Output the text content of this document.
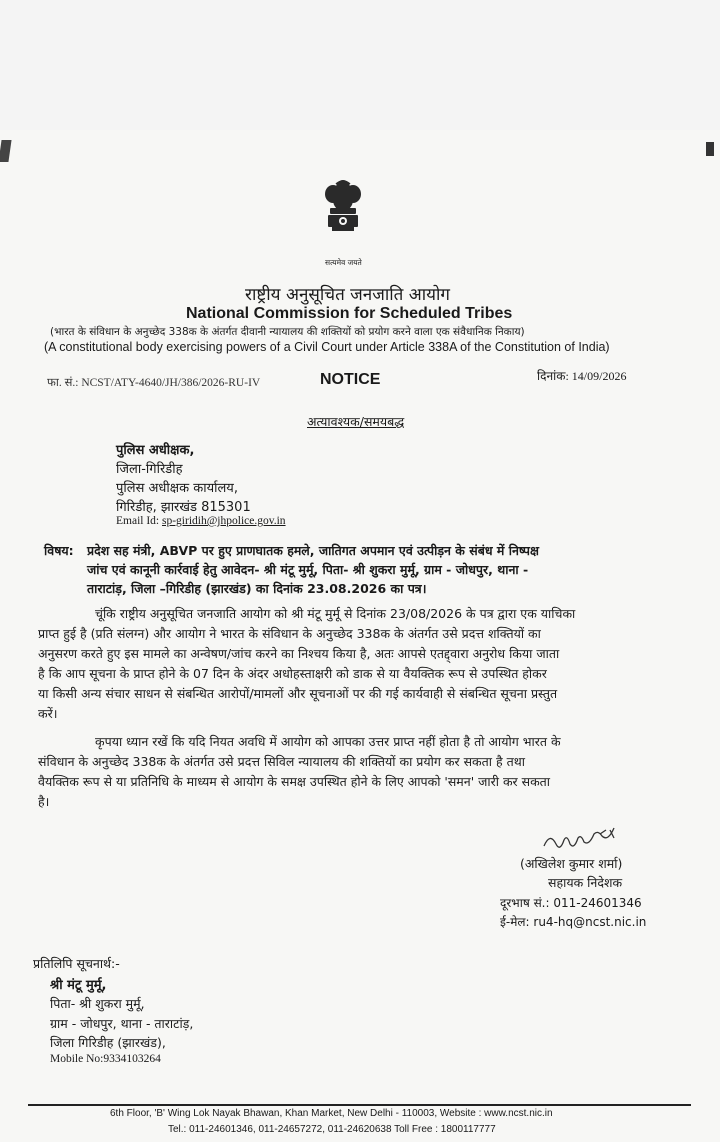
सत्यमेव जयते
राष्ट्रीय अनुसूचित जनजाति आयोग
National Commission for Scheduled Tribes
(भारत के संविधान के अनुच्छेद 338क के अंतर्गत दीवानी न्यायालय की शक्तियों को प्रयोग करने वाला एक संवैधानिक निकाय)
(A constitutional body exercising powers of a Civil Court under Article 338A of the Constitution of India)
फा. सं.: NCST/ATY-4640/JH/386/2026-RU-IV	NOTICE	दिनांक: 14/09/2026
अत्यावश्यक/समयबद्ध
पुलिस अधीक्षक,
जिला-गिरिडीह
पुलिस अधीक्षक कार्यालय,
गिरिडीह, झारखंड 815301
Email Id: sp-giridih@jhpolice.gov.in
विषय: प्रदेश सह मंत्री, ABVP पर हुए प्राणघातक हमले, जातिगत अपमान एवं उत्पीड़न के संबंध में निष्पक्ष
जांच एवं कानूनी कार्रवाई हेतु आवेदन- श्री मंटू मुर्मू, पिता- श्री शुकरा मुर्मू, ग्राम - जोधपुर, थाना -
ताराटांड़, जिला –गिरिडीह (झारखंड) का दिनांक 23.08.2026 का पत्र।
चूंकि राष्ट्रीय अनुसूचित जनजाति आयोग को श्री मंटू मुर्मू से दिनांक 23/08/2026 के पत्र द्वारा एक याचिका
प्राप्त हुई है (प्रति संलग्न) और आयोग ने भारत के संविधान के अनुच्छेद 338क के अंतर्गत उसे प्रदत्त शक्तियों का
अनुसरण करते हुए इस मामले का अन्वेषण/जांच करने का निश्चय किया है, अतः आपसे एतद्द्वारा अनुरोध किया जाता
है कि आप सूचना के प्राप्त होने के 07 दिन के अंदर अधोहस्ताक्षरी को डाक से या वैयक्तिक रूप से उपस्थित होकर
या किसी अन्य संचार साधन से संबन्धित आरोपों/मामलों और सूचनाओं पर की गई कार्यवाही से संबन्धित सूचना प्रस्तुत
करें।
कृपया ध्यान रखें कि यदि नियत अवधि में आयोग को आपका उत्तर प्राप्त नहीं होता है तो आयोग भारत के
संविधान के अनुच्छेद 338क के अंतर्गत उसे प्रदत्त सिविल न्यायालय की शक्तियों का प्रयोग कर सकता है तथा
वैयक्तिक रूप से या प्रतिनिधि के माध्यम से आयोग के समक्ष उपस्थित होने के लिए आपको 'समन' जारी कर सकता
है।
(अखिलेश कुमार शर्मा)
सहायक निदेशक
दूरभाष सं.: 011-24601346
ई-मेल: ru4-hq@ncst.nic.in
प्रतिलिपि सूचनार्थ:-
श्री मंटू मुर्मू,
पिता- श्री शुकरा मुर्मू,
ग्राम - जोधपुर, थाना - ताराटांड़,
जिला गिरिडीह (झारखंड),
Mobile No:9334103264
6th Floor, 'B' Wing Lok Nayak Bhawan, Khan Market, New Delhi - 110003, Website : www.ncst.nic.in
Tel.: 011-24601346, 011-24657272, 011-24620638 Toll Free : 1800117777
